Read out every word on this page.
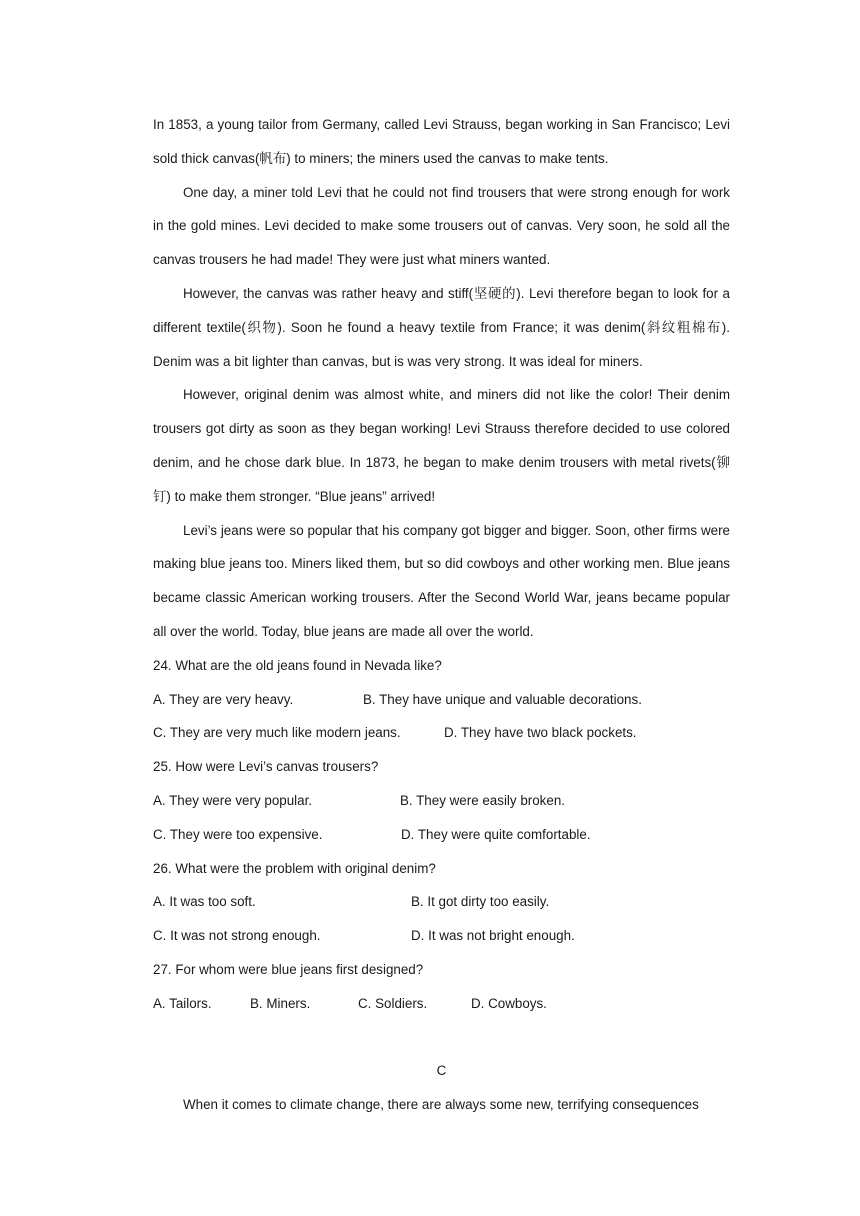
In 1853, a young tailor from Germany, called Levi Strauss, began working in San Francisco; Levi sold thick canvas(帆布) to miners; the miners used the canvas to make tents.

One day, a miner told Levi that he could not find trousers that were strong enough for work in the gold mines. Levi decided to make some trousers out of canvas. Very soon, he sold all the canvas trousers he had made! They were just what miners wanted.

However, the canvas was rather heavy and stiff(坚硬的). Levi therefore began to look for a different textile(织物). Soon he found a heavy textile from France; it was denim(斜纹粗棉布). Denim was a bit lighter than canvas, but is was very strong. It was ideal for miners.

However, original denim was almost white, and miners did not like the color! Their denim trousers got dirty as soon as they began working! Levi Strauss therefore decided to use colored denim, and he chose dark blue. In 1873, he began to make denim trousers with metal rivets(铆钉) to make them stronger. “Blue jeans” arrived!

Levi’s jeans were so popular that his company got bigger and bigger. Soon, other firms were making blue jeans too. Miners liked them, but so did cowboys and other working men. Blue jeans became classic American working trousers. After the Second World War, jeans became popular all over the world. Today, blue jeans are made all over the world.

24. What are the old jeans found in Nevada like?

A. They are very heavy.	B. They have unique and valuable decorations.

C. They are very much like modern jeans.	D. They have two black pockets.

25. How were Levi’s canvas trousers?

A. They were very popular.	B. They were easily broken.

C. They were too expensive.	D. They were quite comfortable.

26. What were the problem with original denim?

A. It was too soft.	B. It got dirty too easily.

C. It was not strong enough.	D. It was not bright enough.

27. For whom were blue jeans first designed?

A. Tailors.	B. Miners.	C. Soldiers.	D. Cowboys.

C

When it comes to climate change, there are always some new, terrifying consequences
